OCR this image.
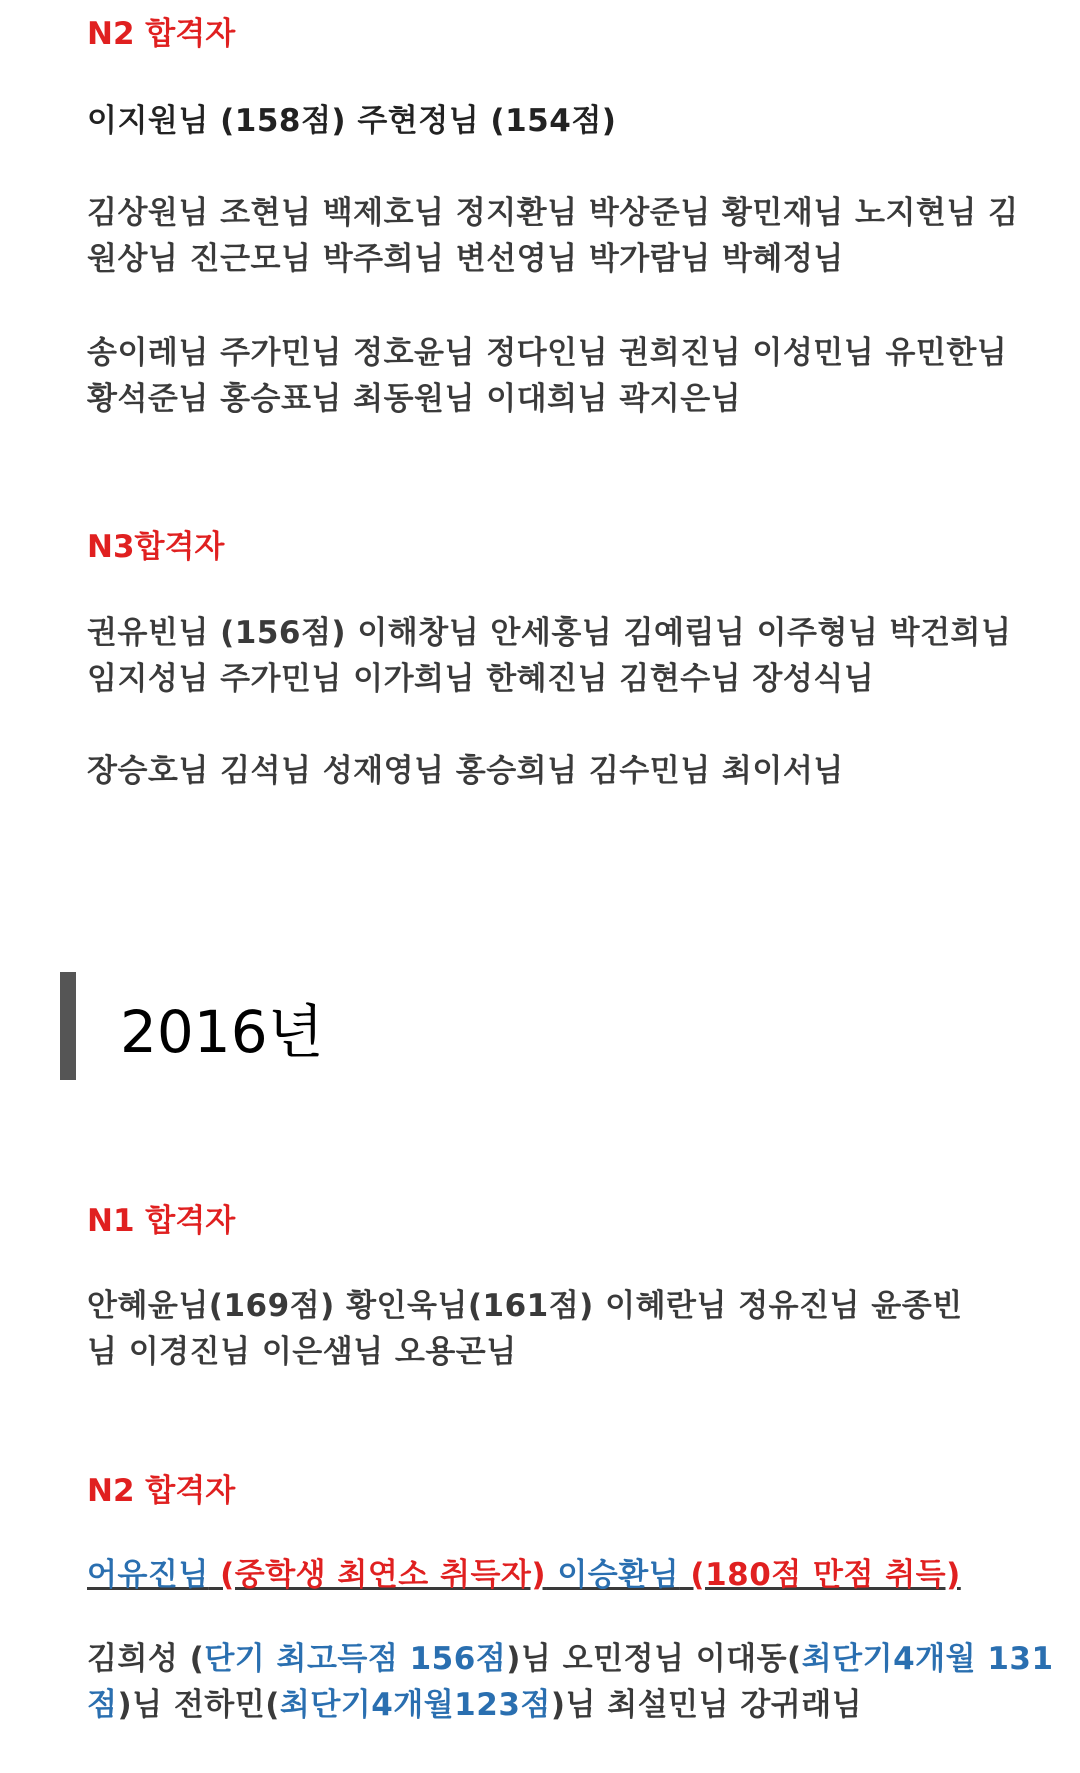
N2 합격자
이지원님 (158점) 주현정님 (154점)
김상원님 조현님 백제호님 정지환님 박상준님 황민재님 노지현님 김
원상님 진근모님 박주희님 변선영님 박가람님 박혜정님
송이레님 주가민님 정호윤님 정다인님 권희진님 이성민님 유민한님
황석준님 홍승표님 최동원님 이대희님 곽지은님
N3합격자
권유빈님 (156점) 이해창님 안세홍님 김예림님 이주형님 박건희님
임지성님 주가민님 이가희님 한혜진님 김현수님 장성식님
장승호님 김석님 성재영님 홍승희님 김수민님 최이서님
2016년
N1 합격자
안혜윤님(169점) 황인욱님(161점) 이혜란님 정유진님 윤종빈
님 이경진님 이은샘님 오용곤님
N2 합격자
어유진님 (중학생 최연소 취득자) 이승환님 (180점 만점 취득)
김희성 (단기 최고득점 156점)님 오민정님 이대동(최단기4개월 131
점)님 전하민(최단기4개월123점)님 최설민님 강귀래님
